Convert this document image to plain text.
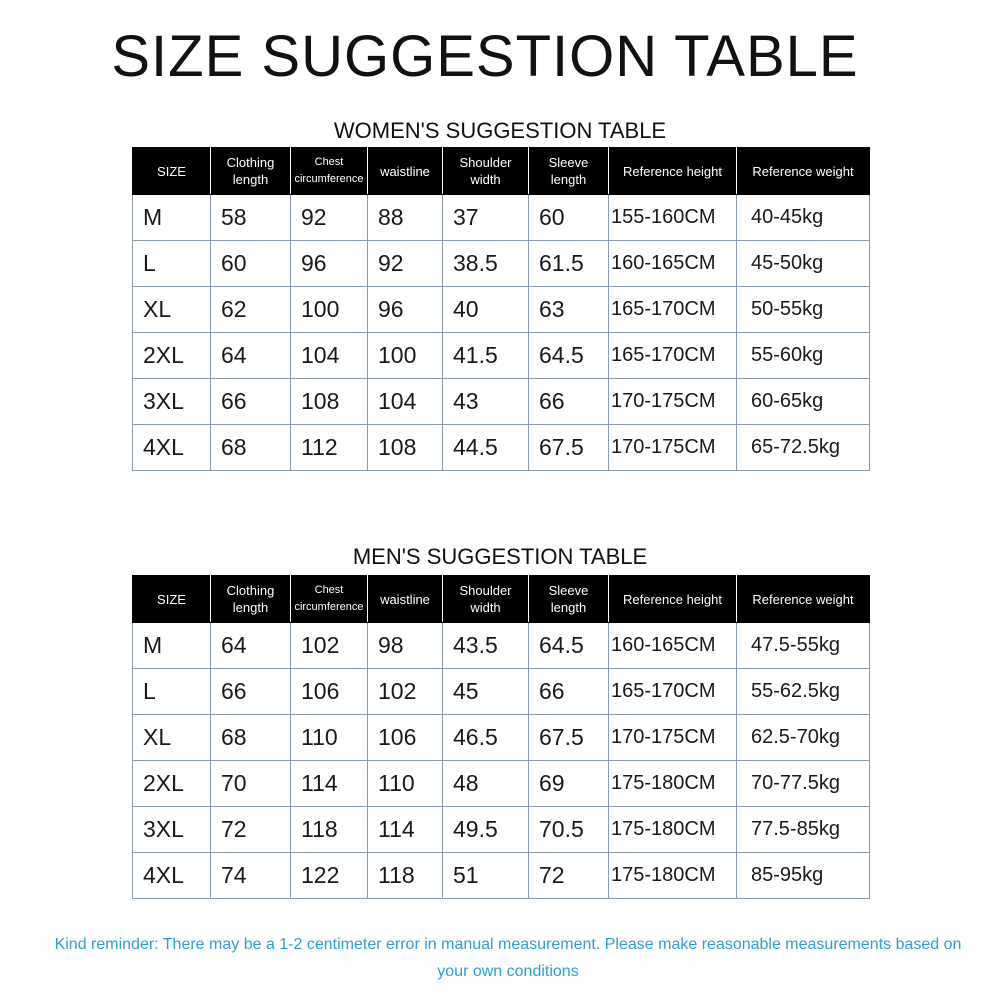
SIZE SUGGESTION TABLE
WOMEN'S SUGGESTION TABLE
SIZE	Clothing length	Chest circumference	waistline	Shoulder width	Sleeve length	Reference height	Reference weight
M	58	92	88	37	60	155-160CM	40-45kg
L	60	96	92	38.5	61.5	160-165CM	45-50kg
XL	62	100	96	40	63	165-170CM	50-55kg
2XL	64	104	100	41.5	64.5	165-170CM	55-60kg
3XL	66	108	104	43	66	170-175CM	60-65kg
4XL	68	112	108	44.5	67.5	170-175CM	65-72.5kg
MEN'S SUGGESTION TABLE
SIZE	Clothing length	Chest circumference	waistline	Shoulder width	Sleeve length	Reference height	Reference weight
M	64	102	98	43.5	64.5	160-165CM	47.5-55kg
L	66	106	102	45	66	165-170CM	55-62.5kg
XL	68	110	106	46.5	67.5	170-175CM	62.5-70kg
2XL	70	114	110	48	69	175-180CM	70-77.5kg
3XL	72	118	114	49.5	70.5	175-180CM	77.5-85kg
4XL	74	122	118	51	72	175-180CM	85-95kg
Kind reminder: There may be a 1-2 centimeter error in manual measurement. Please make reasonable measurements based on your own conditions
